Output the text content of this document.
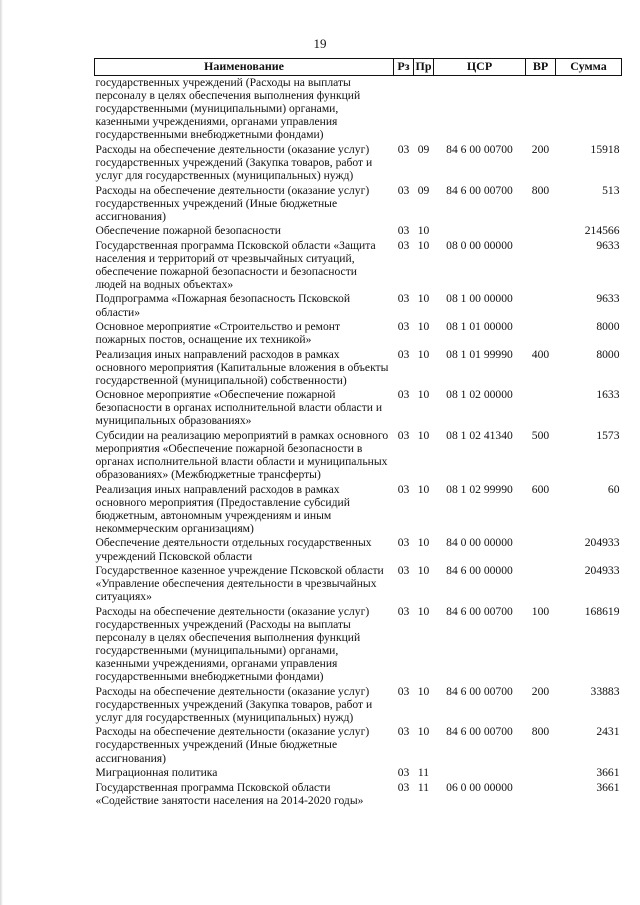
19
Наименование	Рз	Пр	ЦСР	ВР	Сумма
государственных учреждений (Расходы на выплаты персоналу в целях обеспечения выполнения функций государственными (муниципальными) органами, казенными учреждениями, органами управления государственными внебюджетными фондами)					
Расходы на обеспечение деятельности (оказание услуг) государственных учреждений (Закупка товаров, работ и услуг для государственных (муниципальных) нужд)	03	09	84 6 00 00700	200	15918
Расходы на обеспечение деятельности (оказание услуг) государственных учреждений (Иные бюджетные ассигнования)	03	09	84 6 00 00700	800	513
Обеспечение пожарной безопасности	03	10			214566
Государственная программа Псковской области «Защита населения и территорий от чрезвычайных ситуаций, обеспечение пожарной безопасности и безопасности людей на водных объектах»	03	10	08 0 00 00000		9633
Подпрограмма «Пожарная безопасность Псковской области»	03	10	08 1 00 00000		9633
Основное мероприятие «Строительство и ремонт пожарных постов, оснащение их техникой»	03	10	08 1 01 00000		8000
Реализация иных направлений расходов в рамках основного мероприятия (Капитальные вложения в объекты государственной (муниципальной) собственности)	03	10	08 1 01 99990	400	8000
Основное мероприятие «Обеспечение пожарной безопасности в органах исполнительной власти области и муниципальных образованиях»	03	10	08 1 02 00000		1633
Субсидии на реализацию мероприятий в рамках основного мероприятия «Обеспечение пожарной безопасности в органах исполнительной власти области и муниципальных образованиях» (Межбюджетные трансферты)	03	10	08 1 02 41340	500	1573
Реализация иных направлений расходов в рамках основного мероприятия (Предоставление субсидий бюджетным, автономным учреждениям и иным некоммерческим организациям)	03	10	08 1 02 99990	600	60
Обеспечение деятельности отдельных государственных учреждений Псковской области	03	10	84 0 00 00000		204933
Государственное казенное учреждение Псковской области «Управление обеспечения деятельности в чрезвычайных ситуациях»	03	10	84 6 00 00000		204933
Расходы на обеспечение деятельности (оказание услуг) государственных учреждений (Расходы на выплаты персоналу в целях обеспечения выполнения функций государственными (муниципальными) органами, казенными учреждениями, органами управления государственными внебюджетными фондами)	03	10	84 6 00 00700	100	168619
Расходы на обеспечение деятельности (оказание услуг) государственных учреждений (Закупка товаров, работ и услуг для государственных (муниципальных) нужд)	03	10	84 6 00 00700	200	33883
Расходы на обеспечение деятельности (оказание услуг) государственных учреждений (Иные бюджетные ассигнования)	03	10	84 6 00 00700	800	2431
Миграционная политика	03	11			3661
Государственная программа Псковской области «Содействие занятости населения на 2014-2020 годы»	03	11	06 0 00 00000		3661
